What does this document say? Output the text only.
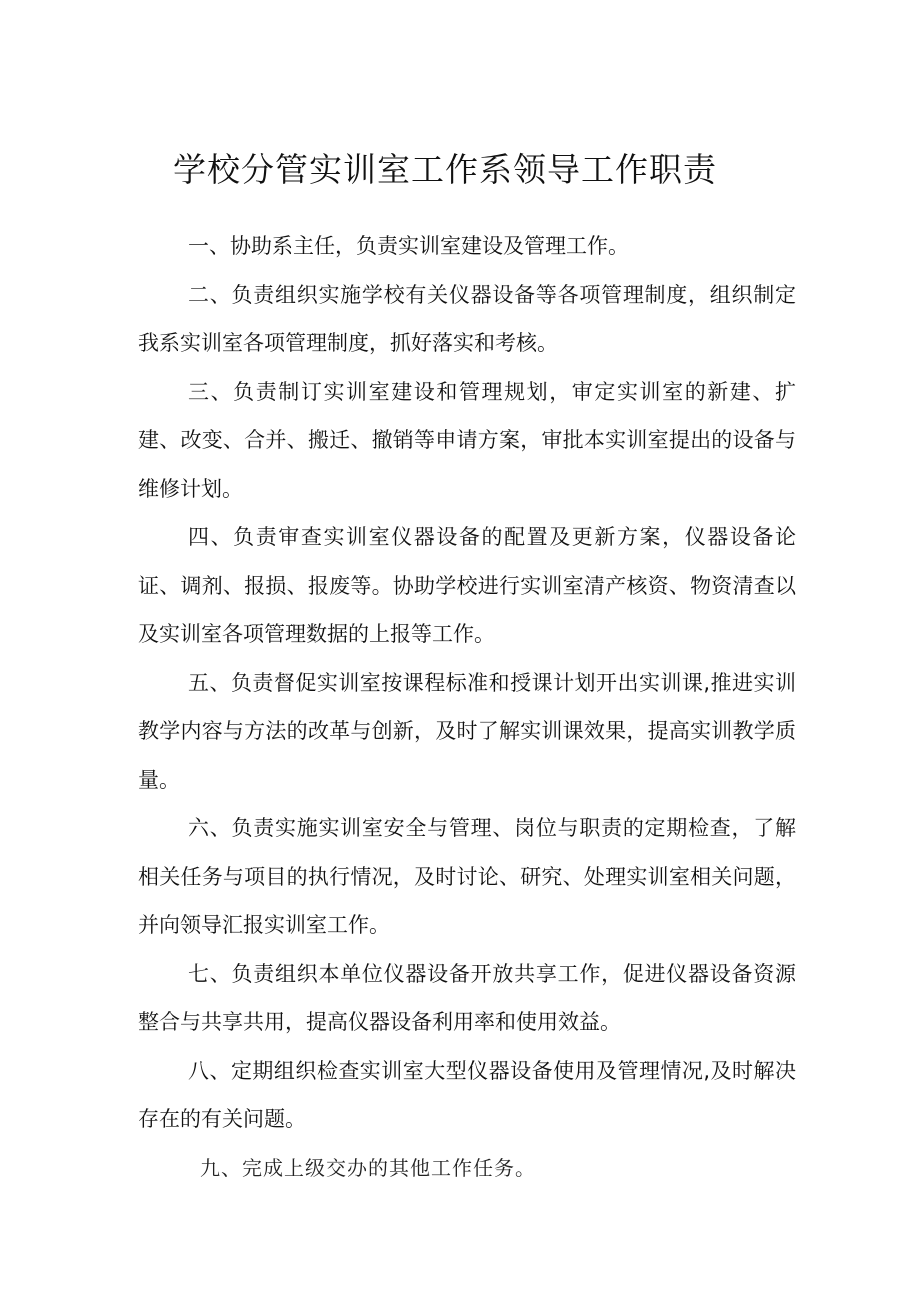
学校分管实训室工作系领导工作职责

一、协助系主任，负责实训室建设及管理工作。

二、负责组织实施学校有关仪器设备等各项管理制度，组织制定我系实训室各项管理制度，抓好落实和考核。

三、负责制订实训室建设和管理规划，审定实训室的新建、扩建、改变、合并、搬迁、撤销等申请方案，审批本实训室提出的设备与维修计划。

四、负责审查实训室仪器设备的配置及更新方案，仪器设备论证、调剂、报损、报废等。协助学校进行实训室清产核资、物资清查以及实训室各项管理数据的上报等工作。

五、负责督促实训室按课程标准和授课计划开出实训课,推进实训教学内容与方法的改革与创新，及时了解实训课效果，提高实训教学质量。

六、负责实施实训室安全与管理、岗位与职责的定期检查，了解相关任务与项目的执行情况，及时讨论、研究、处理实训室相关问题，并向领导汇报实训室工作。

七、负责组织本单位仪器设备开放共享工作，促进仪器设备资源整合与共享共用，提高仪器设备利用率和使用效益。

八、定期组织检查实训室大型仪器设备使用及管理情况,及时解决存在的有关问题。

九、完成上级交办的其他工作任务。
